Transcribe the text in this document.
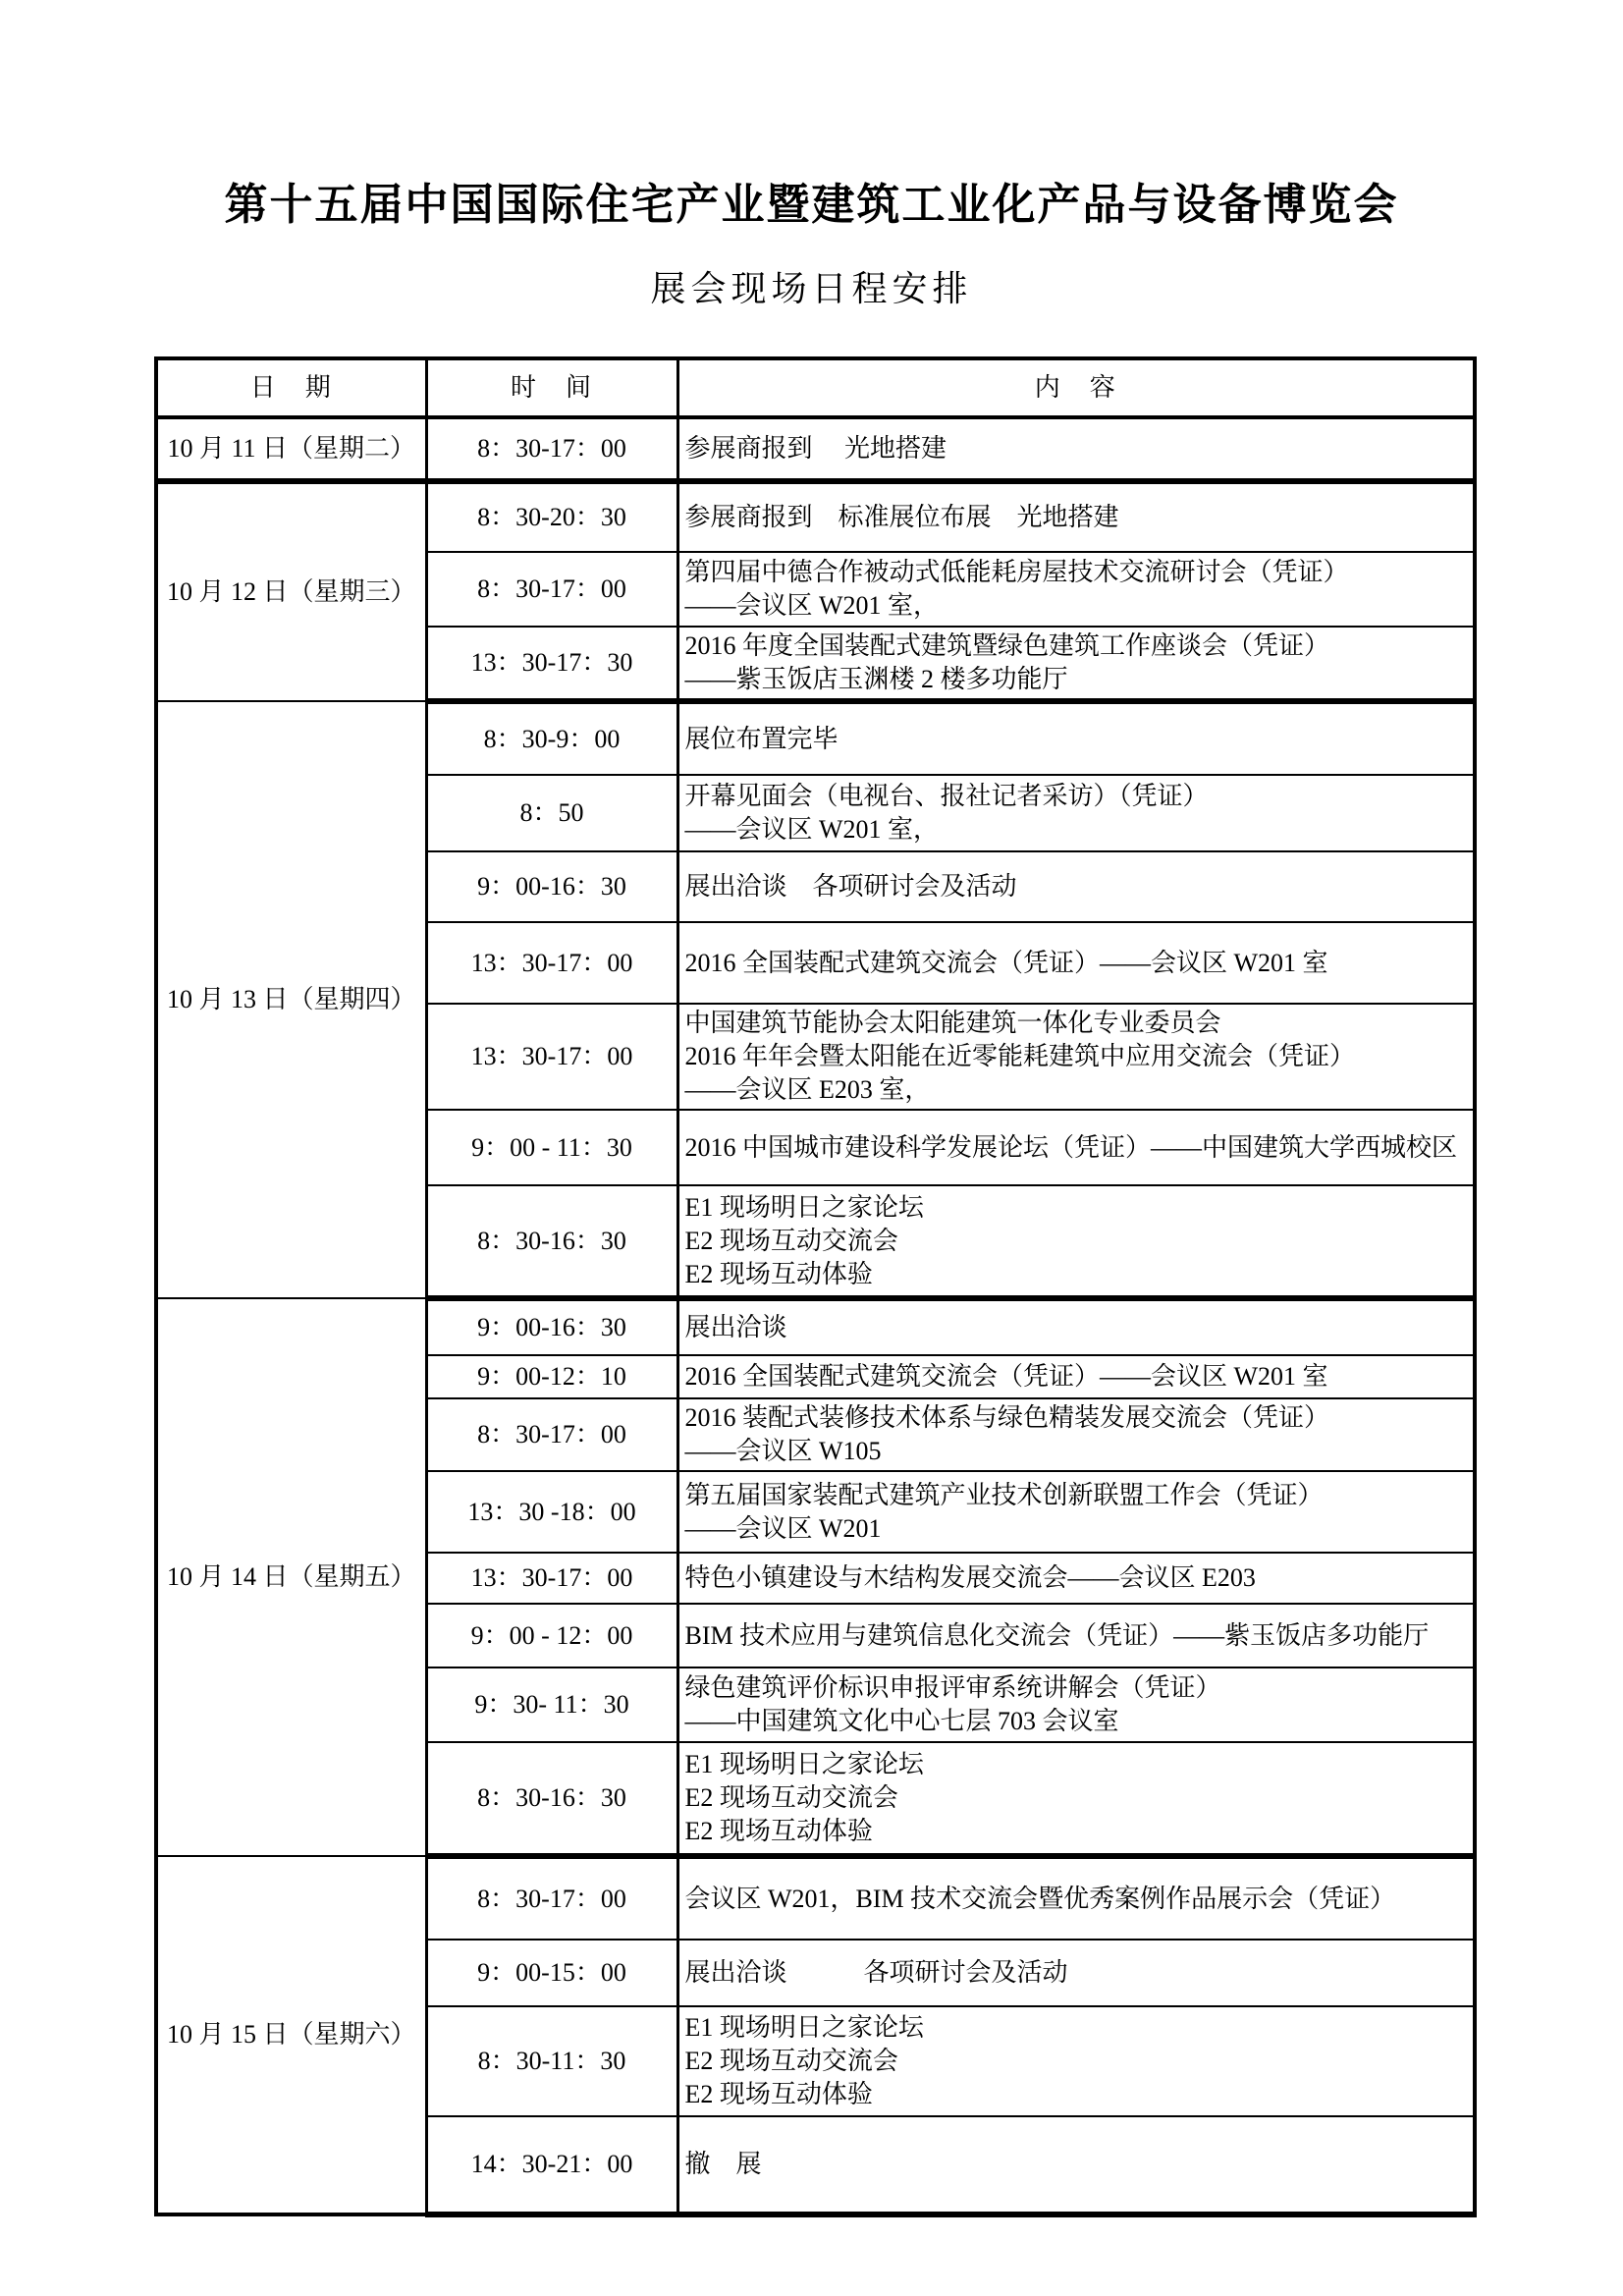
第十五届中国国际住宅产业暨建筑工业化产品与设备博览会
展会现场日程安排
日　期	时　间	内　容
10 月 11 日（星期二）	8：30-17：00	参展商报到　 光地搭建

10 月 12 日（星期三）	8：30-20：30	参展商报到　标准展位布展　光地搭建

	8：30-17：00	第四届中德合作被动式低能耗房屋技术交流研讨会（凭证）
——会议区 W201 室，

	13：30-17：30	2016 年度全国装配式建筑暨绿色建筑工作座谈会（凭证）
——紫玉饭店玉渊楼 2 楼多功能厅

10 月 13 日（星期四）	8：30-9：00	展位布置完毕

	8：50	开幕见面会（电视台、报社记者采访）（凭证）
——会议区 W201 室，

	9：00-16：30	展出洽谈　各项研讨会及活动

	13：30-17：00	2016 全国装配式建筑交流会（凭证）——会议区 W201 室

	13：30-17：00	中国建筑节能协会太阳能建筑一体化专业委员会
2016 年年会暨太阳能在近零能耗建筑中应用交流会（凭证）
——会议区 E203 室，

	9：00 - 11：30	2016 中国城市建设科学发展论坛（凭证）——中国建筑大学西城校区

	8：30-16：30	E1 现场明日之家论坛
E2 现场互动交流会
E2 现场互动体验

10 月 14 日（星期五）	9：00-16：30	展出洽谈

	9：00-12：10	2016 全国装配式建筑交流会（凭证）——会议区 W201 室

	8：30-17：00	2016 装配式装修技术体系与绿色精装发展交流会（凭证）
——会议区 W105

	13：30 -18：00	第五届国家装配式建筑产业技术创新联盟工作会（凭证）
——会议区 W201

	13：30-17：00	特色小镇建设与木结构发展交流会——会议区 E203

	9：00 - 12：00	BIM 技术应用与建筑信息化交流会（凭证）——紫玉饭店多功能厅

	9：30- 11：30	绿色建筑评价标识申报评审系统讲解会（凭证）
——中国建筑文化中心七层 703 会议室

	8：30-16：30	E1 现场明日之家论坛
E2 现场互动交流会
E2 现场互动体验

10 月 15 日（星期六）	8：30-17：00	会议区 W201，BIM 技术交流会暨优秀案例作品展示会（凭证）

	9：00-15：00	展出洽谈　　　各项研讨会及活动

	8：30-11：30	E1 现场明日之家论坛
E2 现场互动交流会
E2 现场互动体验

	14：30-21：00	撤　展
